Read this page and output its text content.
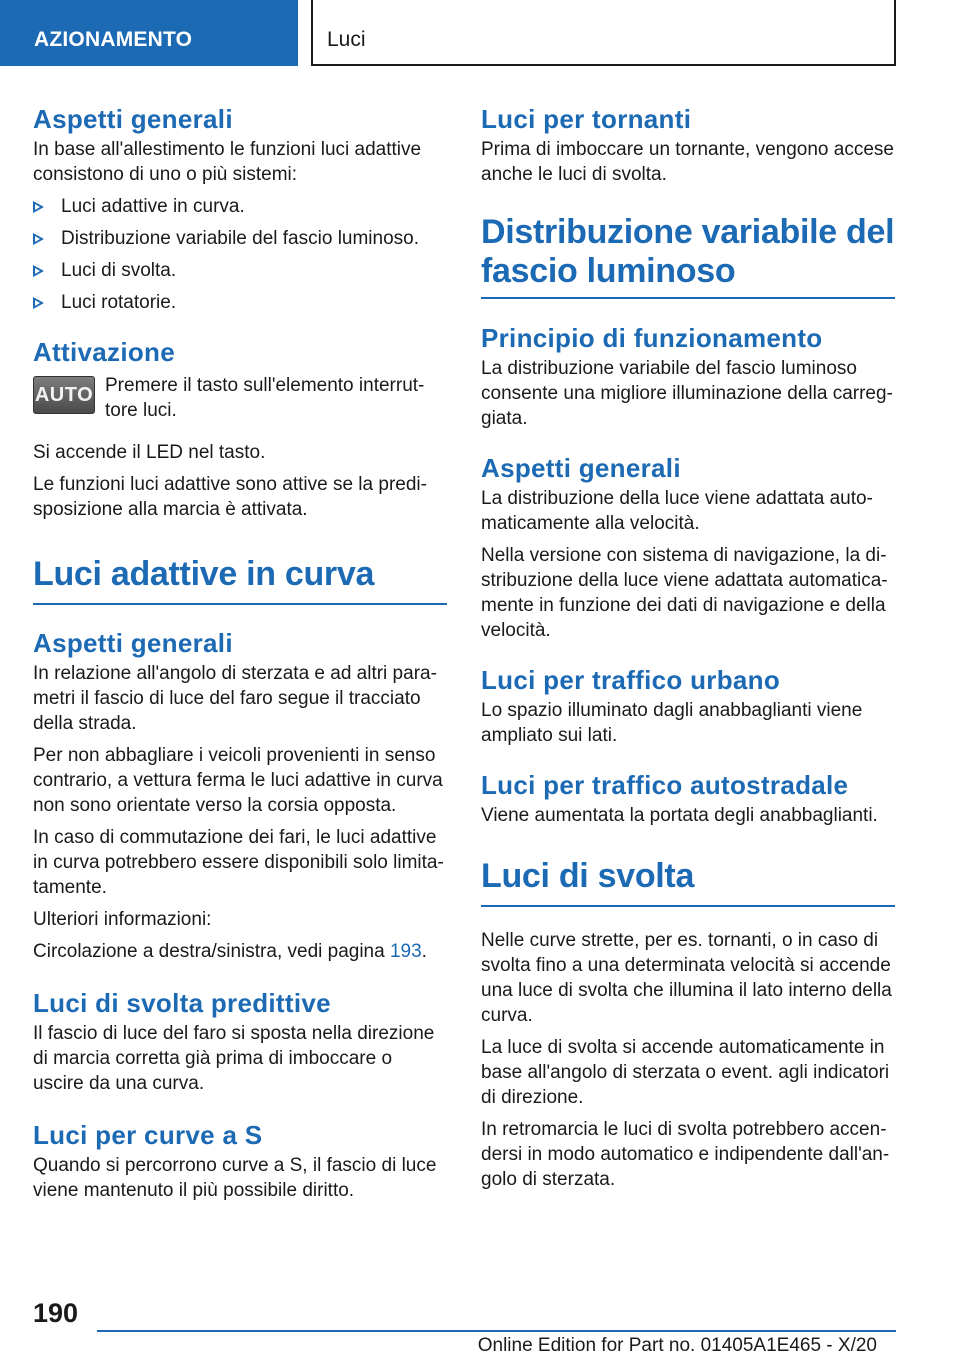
AZIONAMENTO	Luci
Aspetti generali

In base all'allestimento le funzioni luci adattive consistono di uno o più sistemi:

Luci adattive in curva.
Distribuzione variabile del fascio luminoso.
Luci di svolta.
Luci rotatorie.
Attivazione
AUTO Premere il tasto sull'elemento interrut-tore luci.

Si accende il LED nel tasto.

Le funzioni luci adattive sono attive se la predi-sposizione alla marcia è attivata.

Luci adattive in curva
Aspetti generali

In relazione all'angolo di sterzata e ad altri para-metri il fascio di luce del faro segue il tracciato della strada.

Per non abbagliare i veicoli provenienti in senso contrario, a vettura ferma le luci adattive in curva non sono orientate verso la corsia opposta.

In caso di commutazione dei fari, le luci adattive in curva potrebbero essere disponibili solo limita-tamente.

Ulteriori informazioni:

Circolazione a destra/sinistra, vedi pagina 193.

Luci di svolta predittive

Il fascio di luce del faro si sposta nella direzione di marcia corretta già prima di imboccare o uscire da una curva.

Luci per curve a S

Quando si percorrono curve a S, il fascio di luce viene mantenuto il più possibile diritto.

Luci per tornanti

Prima di imboccare un tornante, vengono accese anche le luci di svolta.

Distribuzione variabile del fascio luminoso
Principio di funzionamento

La distribuzione variabile del fascio luminoso consente una migliore illuminazione della carreg-giata.

Aspetti generali

La distribuzione della luce viene adattata auto-maticamente alla velocità.

Nella versione con sistema di navigazione, la di-stribuzione della luce viene adattata automatica-mente in funzione dei dati di navigazione e della velocità.

Luci per traffico urbano

Lo spazio illuminato dagli anabbaglianti viene ampliato sui lati.

Luci per traffico autostradale

Viene aumentata la portata degli anabbaglianti.

Luci di svolta

Nelle curve strette, per es. tornanti, o in caso di svolta fino a una determinata velocità si accende una luce di svolta che illumina il lato interno della curva.

La luce di svolta si accende automaticamente in base all'angolo di sterzata o event. agli indicatori di direzione.

In retromarcia le luci di svolta potrebbero accen-dersi in modo automatico e indipendente dall'an-golo di sterzata.

190
Online Edition for Part no. 01405A1E465 - X/20
